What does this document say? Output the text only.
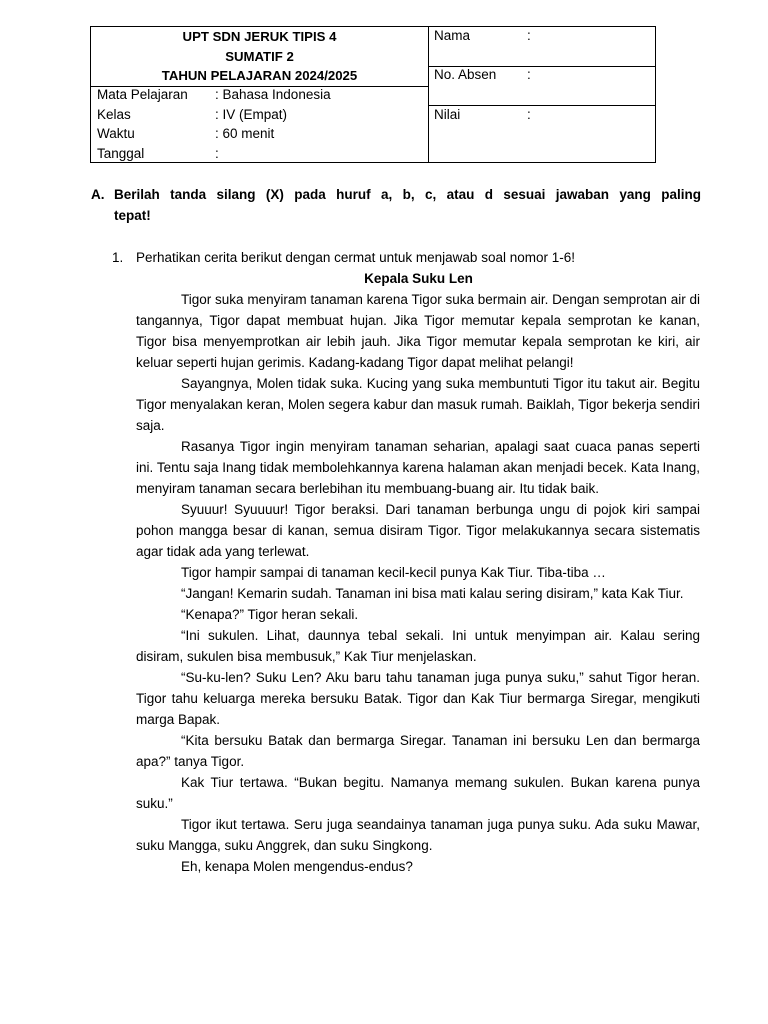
UPT SDN JERUK TIPIS 4
SUMATIF 2
TAHUN PELAJARAN 2024/2025
Mata Pelajaran : Bahasa Indonesia
Kelas	: IV (Empat)
Waktu	: 60 menit
Tanggal	:
Nama	:
No. Absen :
Nilai	:
A. Berilah tanda silang (X) pada huruf a, b, c, atau d sesuai jawaban yang paling
tepat!
1. Perhatikan cerita berikut dengan cermat untuk menjawab soal nomor 1-6!
Kepala Suku Len

Tigor suka menyiram tanaman karena Tigor suka bermain air. Dengan semprotan air di tangannya, Tigor dapat membuat hujan. Jika Tigor memutar kepala semprotan ke kanan, Tigor bisa menyemprotkan air lebih jauh. Jika Tigor memutar kepala semprotan ke kiri, air keluar seperti hujan gerimis. Kadang-kadang Tigor dapat melihat pelangi!

Sayangnya, Molen tidak suka. Kucing yang suka membuntuti Tigor itu takut air. Begitu Tigor menyalakan keran, Molen segera kabur dan masuk rumah. Baiklah, Tigor bekerja sendiri saja.

Rasanya Tigor ingin menyiram tanaman seharian, apalagi saat cuaca panas seperti ini. Tentu saja Inang tidak membolehkannya karena halaman akan menjadi becek. Kata Inang, menyiram tanaman secara berlebihan itu membuang-buang air. Itu tidak baik.

Syuuur! Syuuuur! Tigor beraksi. Dari tanaman berbunga ungu di pojok kiri sampai pohon mangga besar di kanan, semua disiram Tigor. Tigor melakukannya secara sistematis agar tidak ada yang terlewat.

Tigor hampir sampai di tanaman kecil-kecil punya Kak Tiur. Tiba-tiba …

“Jangan! Kemarin sudah. Tanaman ini bisa mati kalau sering disiram,” kata Kak Tiur.

“Kenapa?” Tigor heran sekali.

“Ini sukulen. Lihat, daunnya tebal sekali. Ini untuk menyimpan air. Kalau sering disiram, sukulen bisa membusuk,” Kak Tiur menjelaskan.

“Su-ku-len? Suku Len? Aku baru tahu tanaman juga punya suku,” sahut Tigor heran. Tigor tahu keluarga mereka bersuku Batak. Tigor dan Kak Tiur bermarga Siregar, mengikuti marga Bapak.

“Kita bersuku Batak dan bermarga Siregar. Tanaman ini bersuku Len dan bermarga apa?” tanya Tigor.

Kak Tiur tertawa. “Bukan begitu. Namanya memang sukulen. Bukan karena punya suku.”

Tigor ikut tertawa. Seru juga seandainya tanaman juga punya suku. Ada suku Mawar, suku Mangga, suku Anggrek, dan suku Singkong.

Eh, kenapa Molen mengendus-endus?
